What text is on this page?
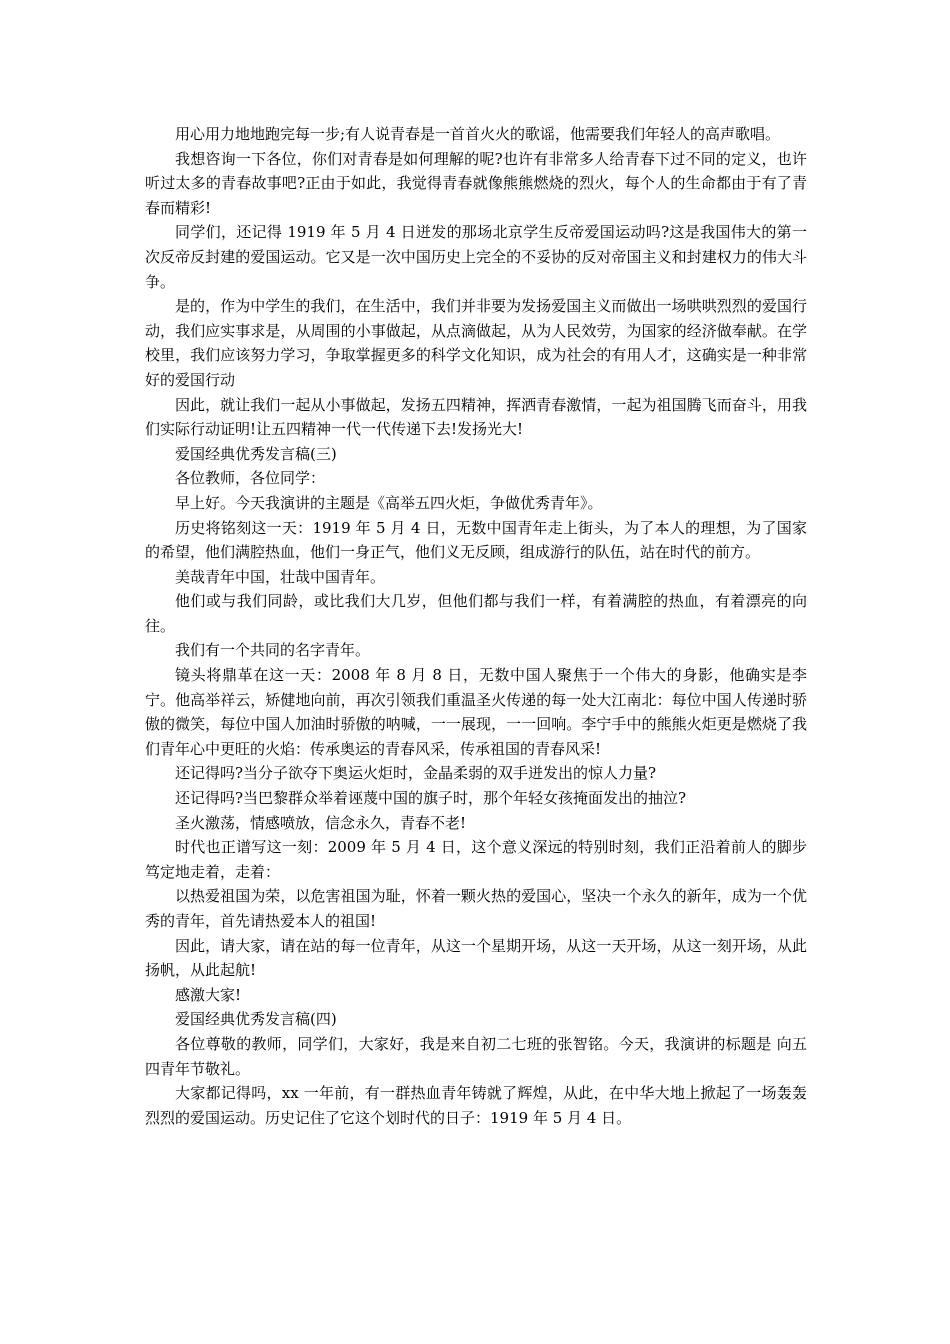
用心用力地地跑完每一步;有人说青春是一首首火火的歌谣，他需要我们年轻人的高声歌唱。

我想咨询一下各位，你们对青春是如何理解的呢?也许有非常多人给青春下过不同的定义，也许听过太多的青春故事吧?正由于如此，我觉得青春就像熊熊燃烧的烈火，每个人的生命都由于有了青春而精彩!

同学们，还记得 1919 年 5 月 4 日迸发的那场北京学生反帝爱国运动吗?这是我国伟大的第一次反帝反封建的爱国运动。它又是一次中国历史上完全的不妥协的反对帝国主义和封建权力的伟大斗争。

是的，作为中学生的我们，在生活中，我们并非要为发扬爱国主义而做出一场哄哄烈烈的爱国行动，我们应实事求是，从周围的小事做起，从点滴做起，从为人民效劳，为国家的经济做奉献。在学校里，我们应该努力学习，争取掌握更多的科学文化知识，成为社会的有用人才，这确实是一种非常好的爱国行动

因此，就让我们一起从小事做起，发扬五四精神，挥洒青春激情，一起为祖国腾飞而奋斗，用我们实际行动证明!让五四精神一代一代传递下去!发扬光大!

爱国经典优秀发言稿(三)

各位教师，各位同学：

早上好。今天我演讲的主题是《高举五四火炬，争做优秀青年》。

历史将铭刻这一天：1919 年 5 月 4 日，无数中国青年走上街头，为了本人的理想，为了国家的希望，他们满腔热血，他们一身正气，他们义无反顾，组成游行的队伍，站在时代的前方。

美哉青年中国，壮哉中国青年。

他们或与我们同龄，或比我们大几岁，但他们都与我们一样，有着满腔的热血，有着漂亮的向往。

我们有一个共同的名字青年。

镜头将鼎革在这一天：2008 年 8 月 8 日，无数中国人聚焦于一个伟大的身影，他确实是李宁。他高举祥云，矫健地向前，再次引领我们重温圣火传递的每一处大江南北：每位中国人传递时骄傲的微笑，每位中国人加油时骄傲的呐喊，一一展现，一一回响。李宁手中的熊熊火炬更是燃烧了我们青年心中更旺的火焰：传承奥运的青春风采，传承祖国的青春风采!

还记得吗?当分子欲夺下奥运火炬时，金晶柔弱的双手迸发出的惊人力量?

还记得吗?当巴黎群众举着诬蔑中国的旗子时，那个年轻女孩掩面发出的抽泣?

圣火激荡，情感喷放，信念永久，青春不老!

时代也正谱写这一刻：2009 年 5 月 4 日，这个意义深远的特别时刻，我们正沿着前人的脚步笃定地走着，走着：

以热爱祖国为荣，以危害祖国为耻，怀着一颗火热的爱国心，坚决一个永久的新年，成为一个优秀的青年，首先请热爱本人的祖国!

因此，请大家，请在站的每一位青年，从这一个星期开场，从这一天开场，从这一刻开场，从此扬帆，从此起航!

感激大家!

爱国经典优秀发言稿(四)

各位尊敬的教师，同学们，大家好，我是来自初二七班的张智铭。今天，我演讲的标题是 向五四青年节敬礼。

大家都记得吗，xx 一年前，有一群热血青年铸就了辉煌，从此，在中华大地上掀起了一场轰轰烈烈的爱国运动。历史记住了它这个划时代的日子：1919 年 5 月 4 日。
